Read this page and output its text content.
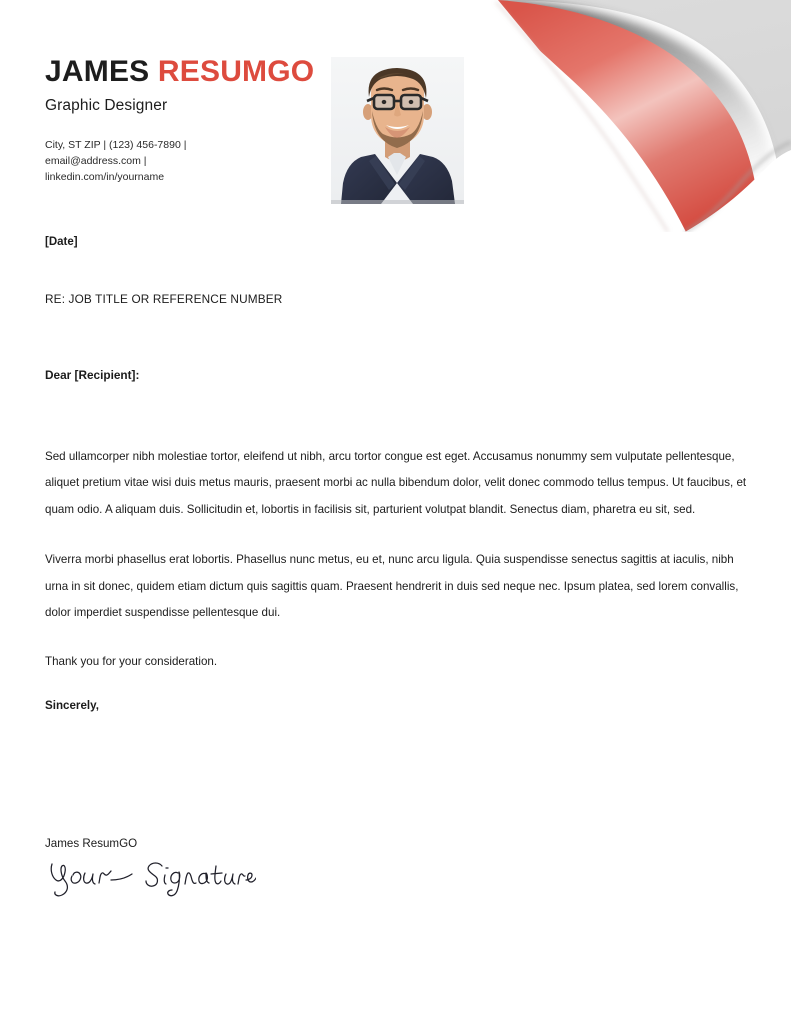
JAMES RESUMGO
Graphic Designer
City, ST ZIP | (123) 456-7890 |
email@address.com |
linkedin.com/in/yourname

[Date]

RE: JOB TITLE OR REFERENCE NUMBER

Dear [Recipient]:

Sed ullamcorper nibh molestiae tortor, eleifend ut nibh, arcu tortor congue est eget. Accusamus nonummy sem vulputate pellentesque, aliquet pretium vitae wisi duis metus mauris, praesent morbi ac nulla bibendum dolor, velit donec commodo tellus tempus. Ut faucibus, et quam odio. A aliquam duis. Sollicitudin et, lobortis in facilisis sit, parturient volutpat blandit. Senectus diam, pharetra eu sit, sed.

Viverra morbi phasellus erat lobortis. Phasellus nunc metus, eu et, nunc arcu ligula. Quia suspendisse senectus sagittis at iaculis, nibh urna in sit donec, quidem etiam dictum quis sagittis quam. Praesent hendrerit in duis sed neque nec. Ipsum platea, sed lorem convallis, dolor imperdiet suspendisse pellentesque dui.

Thank you for your consideration.

Sincerely,

James ResumGO
